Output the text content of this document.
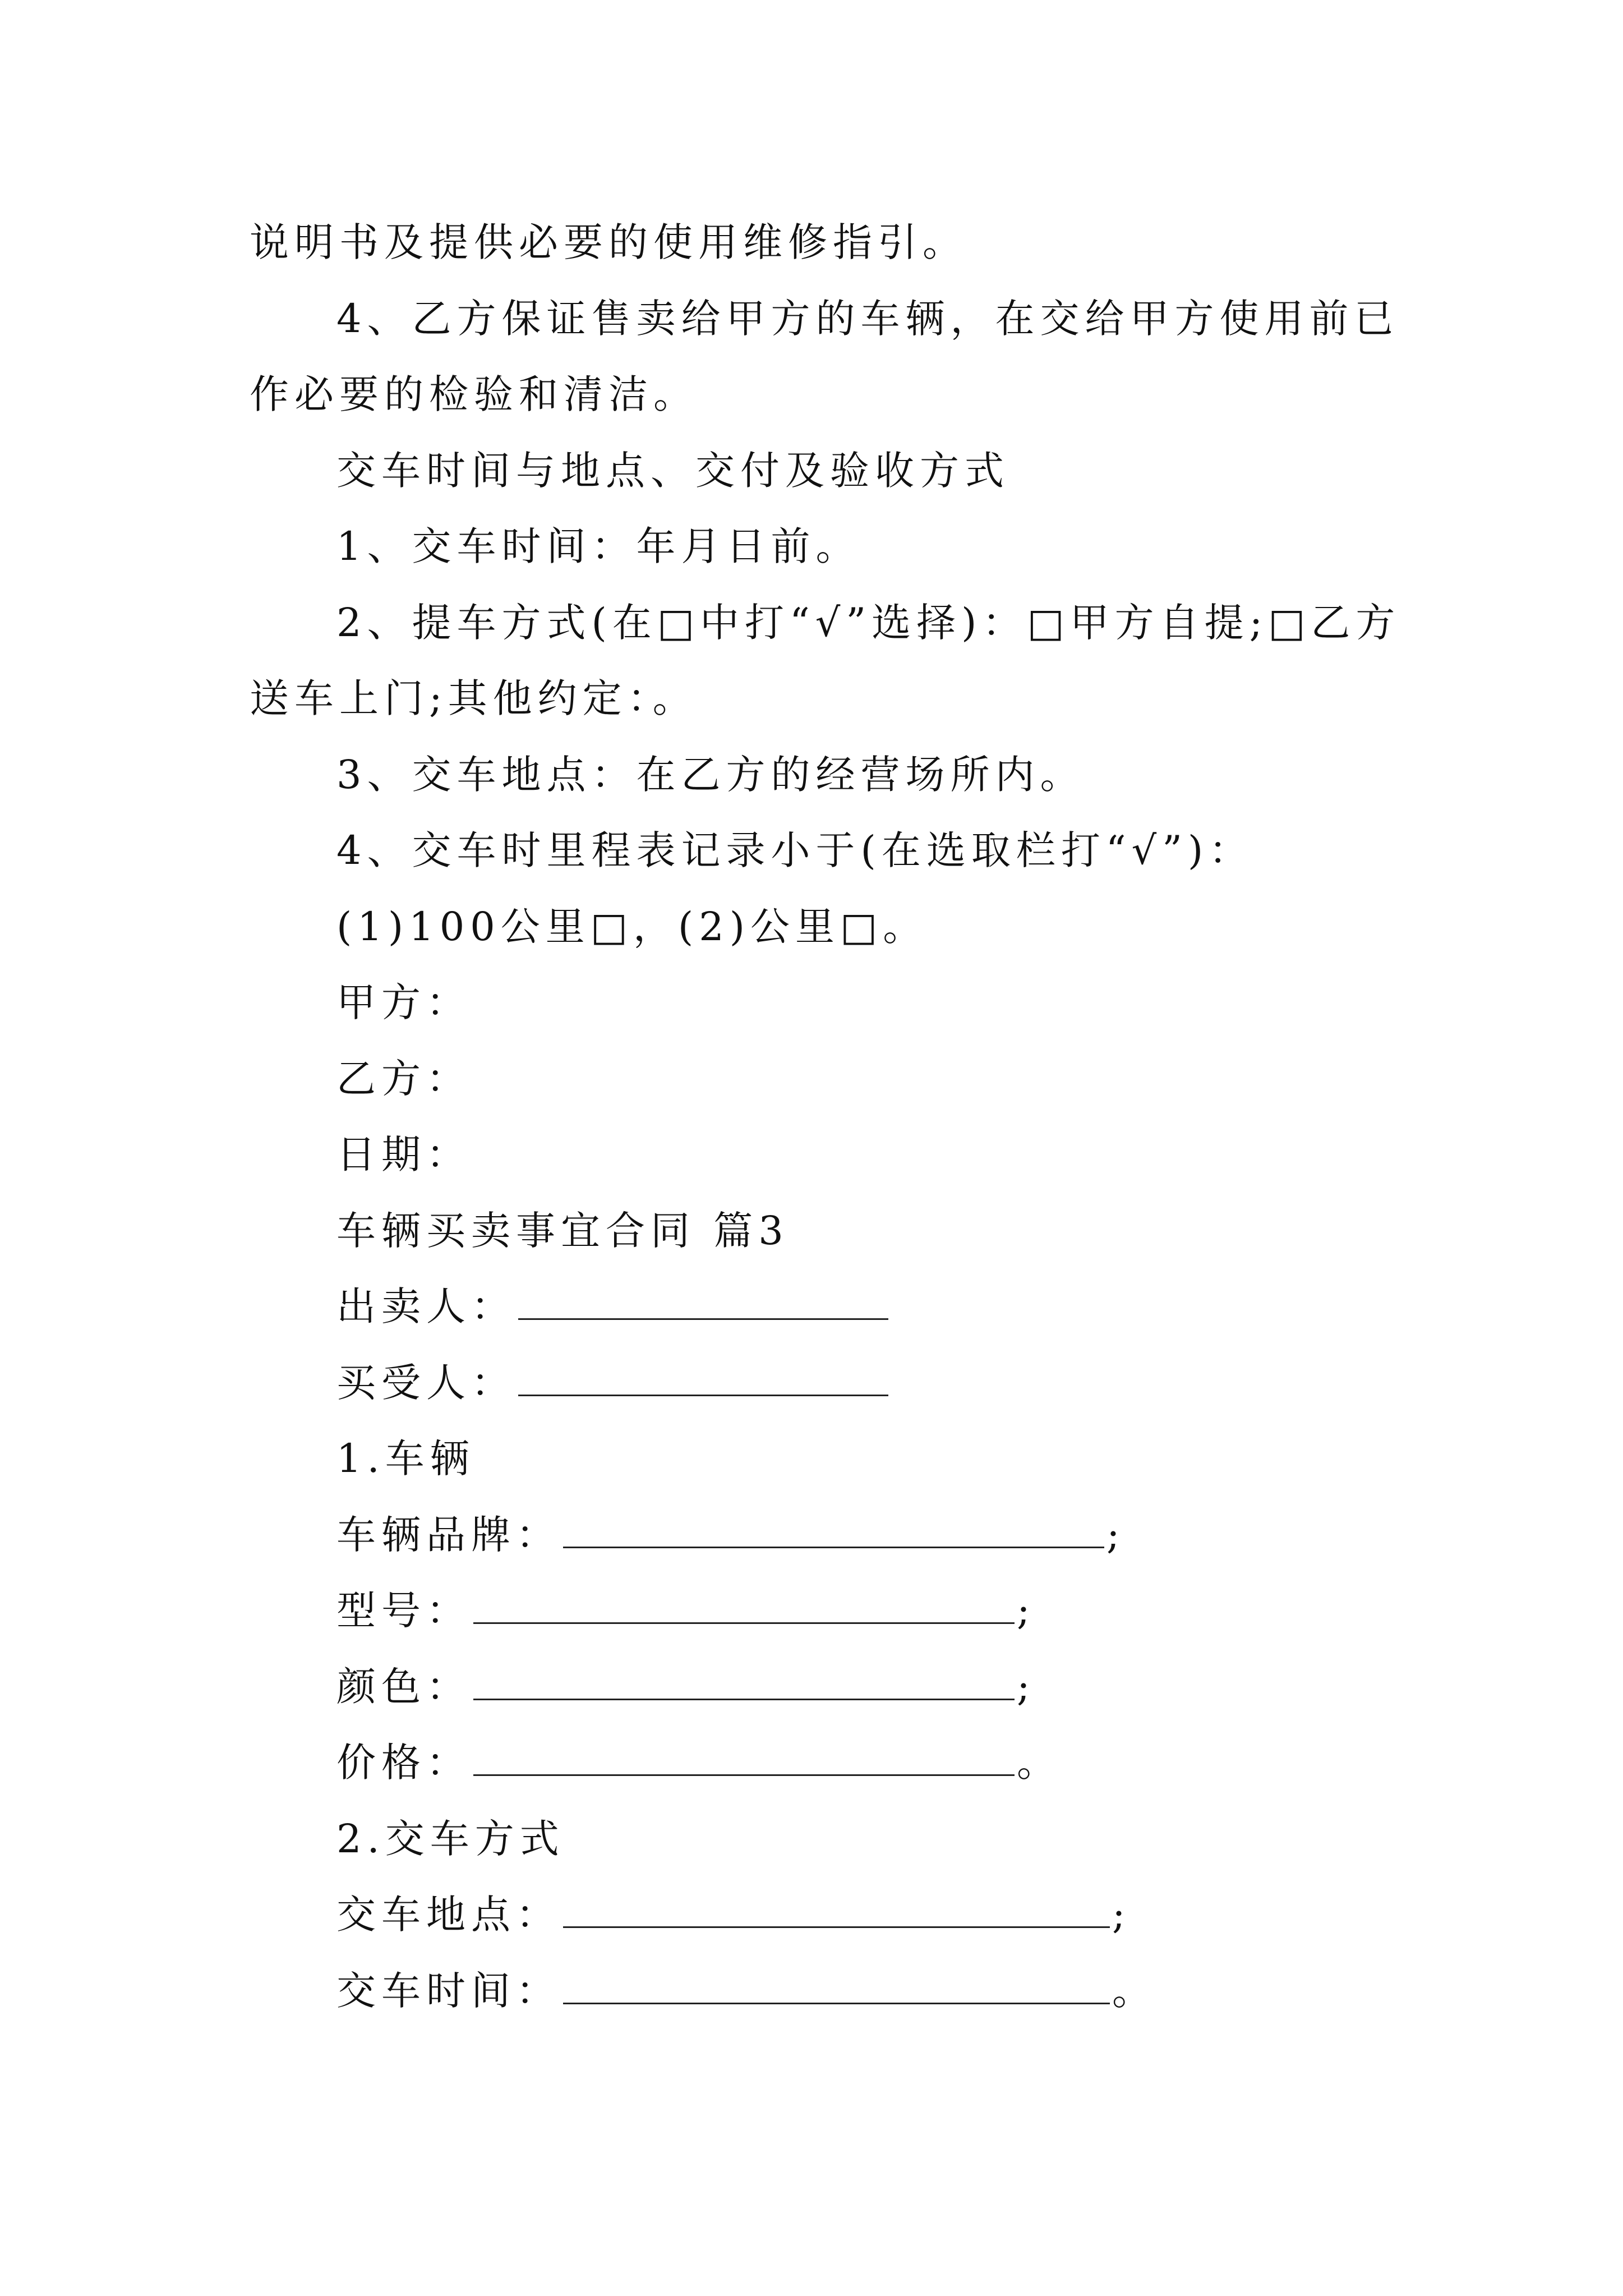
说明书及提供必要的使用维修指引。
4、乙方保证售卖给甲方的车辆，在交给甲方使用前已
作必要的检验和清洁。
交车时间与地点、交付及验收方式
1、交车时间：年月日前。
2、提车方式(在□中打“√”选择)：□甲方自提;□乙方
送车上门;其他约定：。
3、交车地点：在乙方的经营场所内。
4、交车时里程表记录小于(在选取栏打“√”)：
(1)100公里□，(2)公里□。
甲方：
乙方：
日期：
车辆买卖事宜合同 篇3
出卖人：
买受人：
1.车辆
车辆品牌：	;
型号：	;
颜色：	;
价格：	。
2.交车方式
交车地点：	;
交车时间：	。
